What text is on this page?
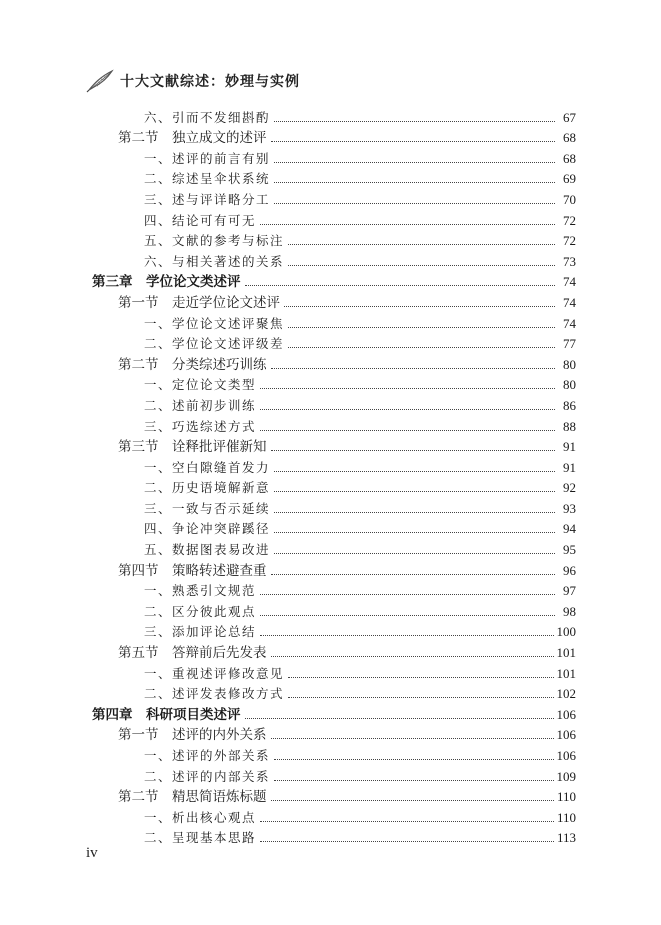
十大文献综述：妙理与实例
六、引而不发细斟酌	67
第二节　独立成文的述评	68
一、述评的前言有别	68
二、综述呈伞状系统	69
三、述与评详略分工	70
四、结论可有可无	72
五、文献的参考与标注	72
六、与相关著述的关系	73
第三章　学位论文类述评	74
第一节　走近学位论文述评	74
一、学位论文述评聚焦	74
二、学位论文述评级差	77
第二节　分类综述巧训练	80
一、定位论文类型	80
二、述前初步训练	86
三、巧选综述方式	88
第三节　诠释批评催新知	91
一、空白隙缝首发力	91
二、历史语境解新意	92
三、一致与否示延续	93
四、争论冲突辟蹊径	94
五、数据图表易改进	95
第四节　策略转述避查重	96
一、熟悉引文规范	97
二、区分彼此观点	98
三、添加评论总结	100
第五节　答辩前后先发表	101
一、重视述评修改意见	101
二、述评发表修改方式	102
第四章　科研项目类述评	106
第一节　述评的内外关系	106
一、述评的外部关系	106
二、述评的内部关系	109
第二节　精思简语炼标题	110
一、析出核心观点	110
二、呈现基本思路	113
iv
